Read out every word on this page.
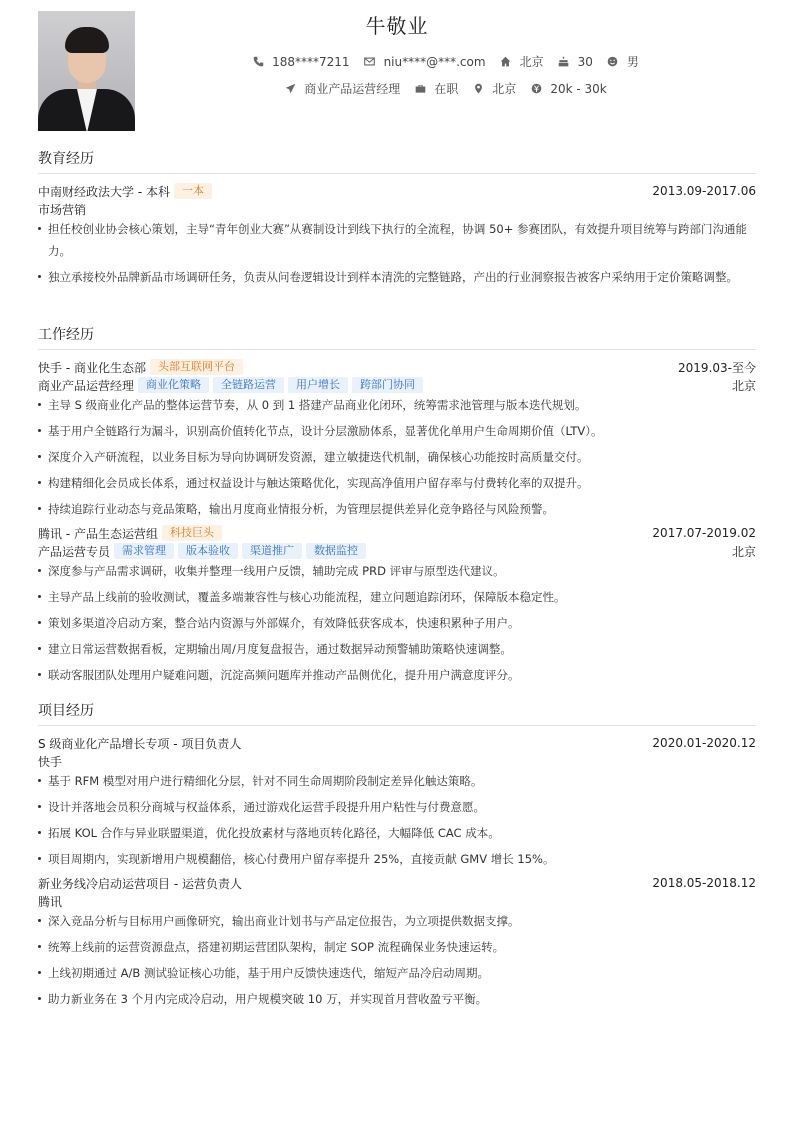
牛敬业
188****7211	niu****@***.com	北京	30	男
商业产品运营经理	在职	北京	20k - 30k
教育经历
中南财经政法大学 - 本科	一本	2013.09-2017.06
市场营销
担任校创业协会核心策划，主导“青年创业大赛”从赛制设计到线下执行的全流程，协调 50+ 参赛团队，有效提升项目统筹与跨部门沟通能力。
独立承接校外品牌新品市场调研任务，负责从问卷逻辑设计到样本清洗的完整链路，产出的行业洞察报告被客户采纳用于定价策略调整。
工作经历
快手 - 商业化生态部	头部互联网平台	2019.03-至今
商业产品运营经理	商业化策略	全链路运营	用户增长	跨部门协同	北京
主导 S 级商业化产品的整体运营节奏，从 0 到 1 搭建产品商业化闭环，统筹需求池管理与版本迭代规划。
基于用户全链路行为漏斗，识别高价值转化节点，设计分层激励体系，显著优化单用户生命周期价值（LTV）。
深度介入产研流程，以业务目标为导向协调研发资源，建立敏捷迭代机制，确保核心功能按时高质量交付。
构建精细化会员成长体系，通过权益设计与触达策略优化，实现高净值用户留存率与付费转化率的双提升。
持续追踪行业动态与竞品策略，输出月度商业情报分析，为管理层提供差异化竞争路径与风险预警。
腾讯 - 产品生态运营组	科技巨头	2017.07-2019.02
产品运营专员	需求管理	版本验收	渠道推广	数据监控	北京
深度参与产品需求调研，收集并整理一线用户反馈，辅助完成 PRD 评审与原型迭代建议。
主导产品上线前的验收测试，覆盖多端兼容性与核心功能流程，建立问题追踪闭环，保障版本稳定性。
策划多渠道冷启动方案，整合站内资源与外部媒介，有效降低获客成本，快速积累种子用户。
建立日常运营数据看板，定期输出周/月度复盘报告，通过数据异动预警辅助策略快速调整。
联动客服团队处理用户疑难问题，沉淀高频问题库并推动产品侧优化，提升用户满意度评分。
项目经历
S 级商业化产品增长专项 - 项目负责人	2020.01-2020.12
快手
基于 RFM 模型对用户进行精细化分层，针对不同生命周期阶段制定差异化触达策略。
设计并落地会员积分商城与权益体系，通过游戏化运营手段提升用户粘性与付费意愿。
拓展 KOL 合作与异业联盟渠道，优化投放素材与落地页转化路径，大幅降低 CAC 成本。
项目周期内，实现新增用户规模翻倍，核心付费用户留存率提升 25%，直接贡献 GMV 增长 15%。
新业务线冷启动运营项目 - 运营负责人	2018.05-2018.12
腾讯
深入竞品分析与目标用户画像研究，输出商业计划书与产品定位报告，为立项提供数据支撑。
统筹上线前的运营资源盘点，搭建初期运营团队架构，制定 SOP 流程确保业务快速运转。
上线初期通过 A/B 测试验证核心功能，基于用户反馈快速迭代，缩短产品冷启动周期。
助力新业务在 3 个月内完成冷启动，用户规模突破 10 万，并实现首月营收盈亏平衡。
